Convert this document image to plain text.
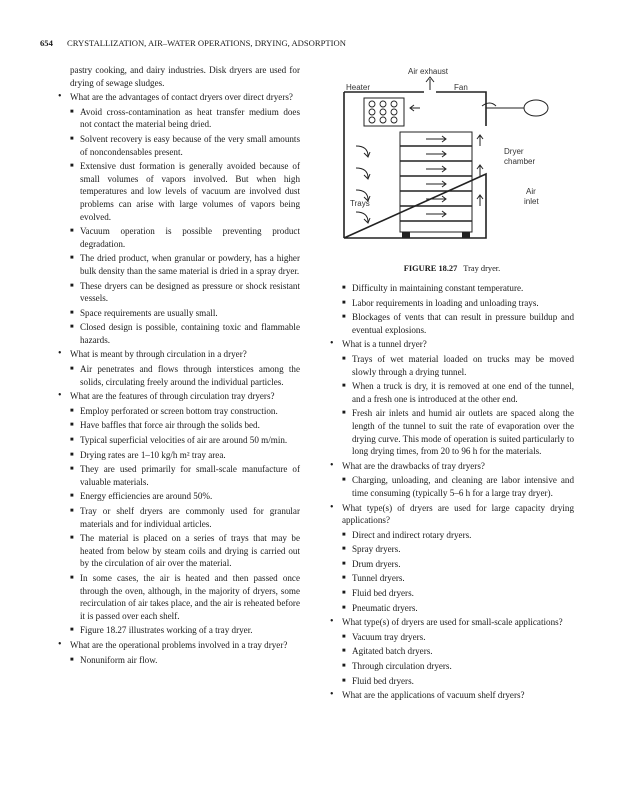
654 CRYSTALLIZATION, AIR–WATER OPERATIONS, DRYING, ADSORPTION
pastry cooking, and dairy industries. Disk dryers are used for drying of sewage sludges.
• What are the advantages of contact dryers over direct dryers?
■ Avoid cross-contamination as heat transfer medium does not contact the material being dried.
■ Solvent recovery is easy because of the very small amounts of noncondensables present.
■ Extensive dust formation is generally avoided because of small volumes of vapors involved. But when high temperatures and low levels of vacuum are involved dust problems can arise with large volumes of vapors being evolved.
■ Vacuum operation is possible preventing product degradation.
■ The dried product, when granular or powdery, has a higher bulk density than the same material is dried in a spray dryer.
■ These dryers can be designed as pressure or shock resistant vessels.
■ Space requirements are usually small.
■ Closed design is possible, containing toxic and flammable hazards.
• What is meant by through circulation in a dryer?
■ Air penetrates and flows through interstices among the solids, circulating freely around the individual particles.
• What are the features of through circulation tray dryers?
■ Employ perforated or screen bottom tray construction.
■ Have baffles that force air through the solids bed.
■ Typical superficial velocities of air are around 50 m/min.
■ Drying rates are 1–10 kg/h m² tray area.
■ They are used primarily for small-scale manufacture of valuable materials.
■ Energy efficiencies are around 50%.
■ Tray or shelf dryers are commonly used for granular materials and for individual articles.
■ The material is placed on a series of trays that may be heated from below by steam coils and drying is carried out by the circulation of air over the material.
■ In some cases, the air is heated and then passed once through the oven, although, in the majority of dryers, some recirculation of air takes place, and the air is reheated before it is passed over each shelf.
■ Figure 18.27 illustrates working of a tray dryer.
• What are the operational problems involved in a tray dryer?
■ Nonuniform air flow.
Air exhaust
Heater	Fan
Dryer
chamber
Air
inlet
Trays
FIGURE 18.27 Tray dryer.
■ Difficulty in maintaining constant temperature.
■ Labor requirements in loading and unloading trays.
■ Blockages of vents that can result in pressure buildup and eventual explosions.
• What is a tunnel dryer?
■ Trays of wet material loaded on trucks may be moved slowly through a drying tunnel.
■ When a truck is dry, it is removed at one end of the tunnel, and a fresh one is introduced at the other end.
■ Fresh air inlets and humid air outlets are spaced along the length of the tunnel to suit the rate of evaporation over the drying curve. This mode of operation is suited particularly to long drying times, from 20 to 96 h for the materials.
• What are the drawbacks of tray dryers?
■ Charging, unloading, and cleaning are labor intensive and time consuming (typically 5–6 h for a large tray dryer).
• What type(s) of dryers are used for large capacity drying applications?
■ Direct and indirect rotary dryers.
■ Spray dryers.
■ Drum dryers.
■ Tunnel dryers.
■ Fluid bed dryers.
■ Pneumatic dryers.
• What type(s) of dryers are used for small-scale applications?
■ Vacuum tray dryers.
■ Agitated batch dryers.
■ Through circulation dryers.
■ Fluid bed dryers.
• What are the applications of vacuum shelf dryers?
